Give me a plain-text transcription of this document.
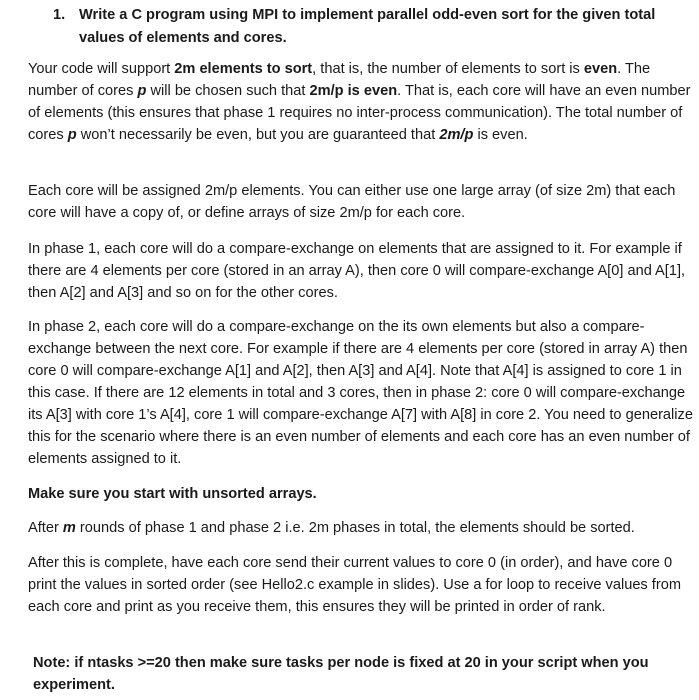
1. Write a C program using MPI to implement parallel odd-even sort for the given total values of elements and cores.

Your code will support 2m elements to sort, that is, the number of elements to sort is even. The number of cores p will be chosen such that 2m/p is even. That is, each core will have an even number of elements (this ensures that phase 1 requires no inter-process communication). The total number of cores p won’t necessarily be even, but you are guaranteed that 2m/p is even.

Each core will be assigned 2m/p elements. You can either use one large array (of size 2m) that each core will have a copy of, or define arrays of size 2m/p for each core.

In phase 1, each core will do a compare-exchange on elements that are assigned to it. For example if there are 4 elements per core (stored in an array A), then core 0 will compare-exchange A[0] and A[1], then A[2] and A[3] and so on for the other cores.

In phase 2, each core will do a compare-exchange on the its own elements but also a compare-exchange between the next core. For example if there are 4 elements per core (stored in array A) then core 0 will compare-exchange A[1] and A[2], then A[3] and A[4]. Note that A[4] is assigned to core 1 in this case. If there are 12 elements in total and 3 cores, then in phase 2: core 0 will compare-exchange its A[3] with core 1’s A[4], core 1 will compare-exchange A[7] with A[8] in core 2. You need to generalize this for the scenario where there is an even number of elements and each core has an even number of elements assigned to it.

Make sure you start with unsorted arrays.

After m rounds of phase 1 and phase 2 i.e. 2m phases in total, the elements should be sorted.

After this is complete, have each core send their current values to core 0 (in order), and have core 0 print the values in sorted order (see Hello2.c example in slides). Use a for loop to receive values from each core and print as you receive them, this ensures they will be printed in order of rank.

Note: if ntasks >=20 then make sure tasks per node is fixed at 20 in your script when you experiment.
